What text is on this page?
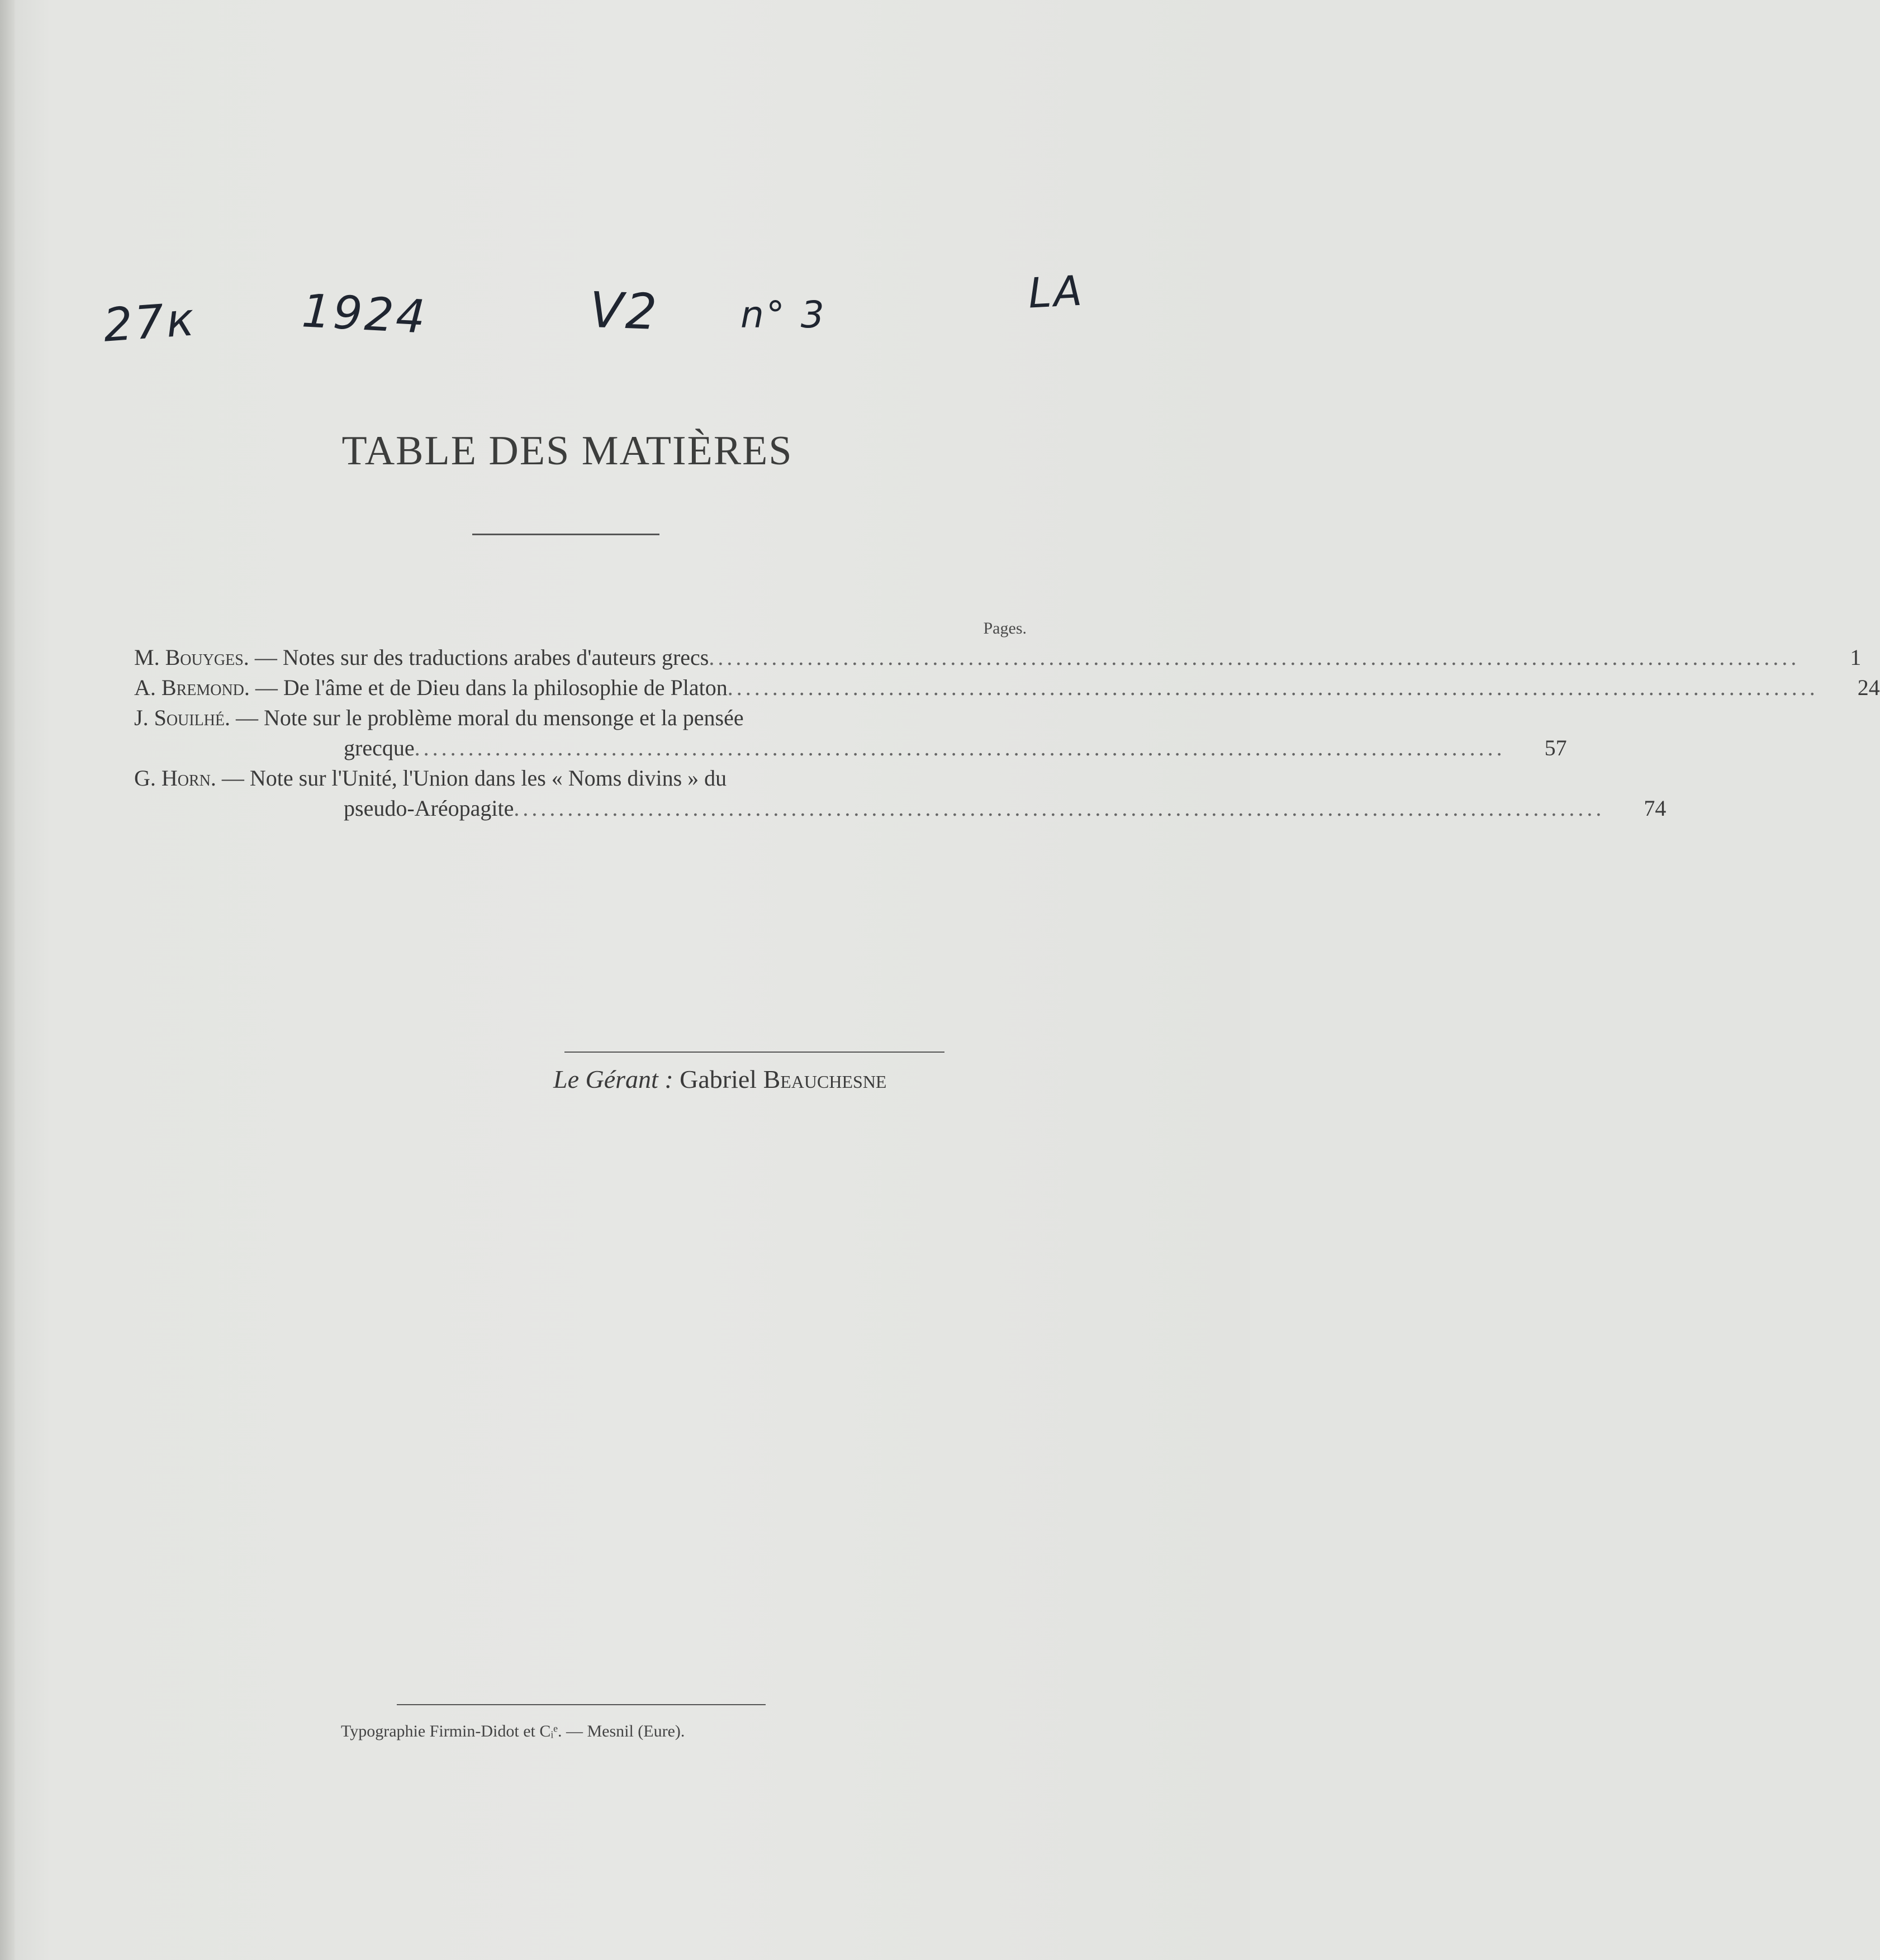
27к 1924	V2 n° 3	LA
TABLE DES MATIÈRES
Pages.
M. Bouyges. — Notes sur des traductions arabes d'auteurs grecs ..........................................................................................................................	1
A. Bremond. — De l'âme et de Dieu dans la philosophie de Platon ..........................................................................................................................	24
J. Souilhé. — Note sur le problème moral du mensonge et la pensée
grecque ..........................................................................................................................	57
G. Horn. — Note sur l'Unité, l'Union dans les « Noms divins » du
pseudo-Aréopagite ..........................................................................................................................	74
Le Gérant : Gabriel Beauchesne
Typographie Firmin-Didot et Cᵢᵉ. — Mesnil (Eure).
